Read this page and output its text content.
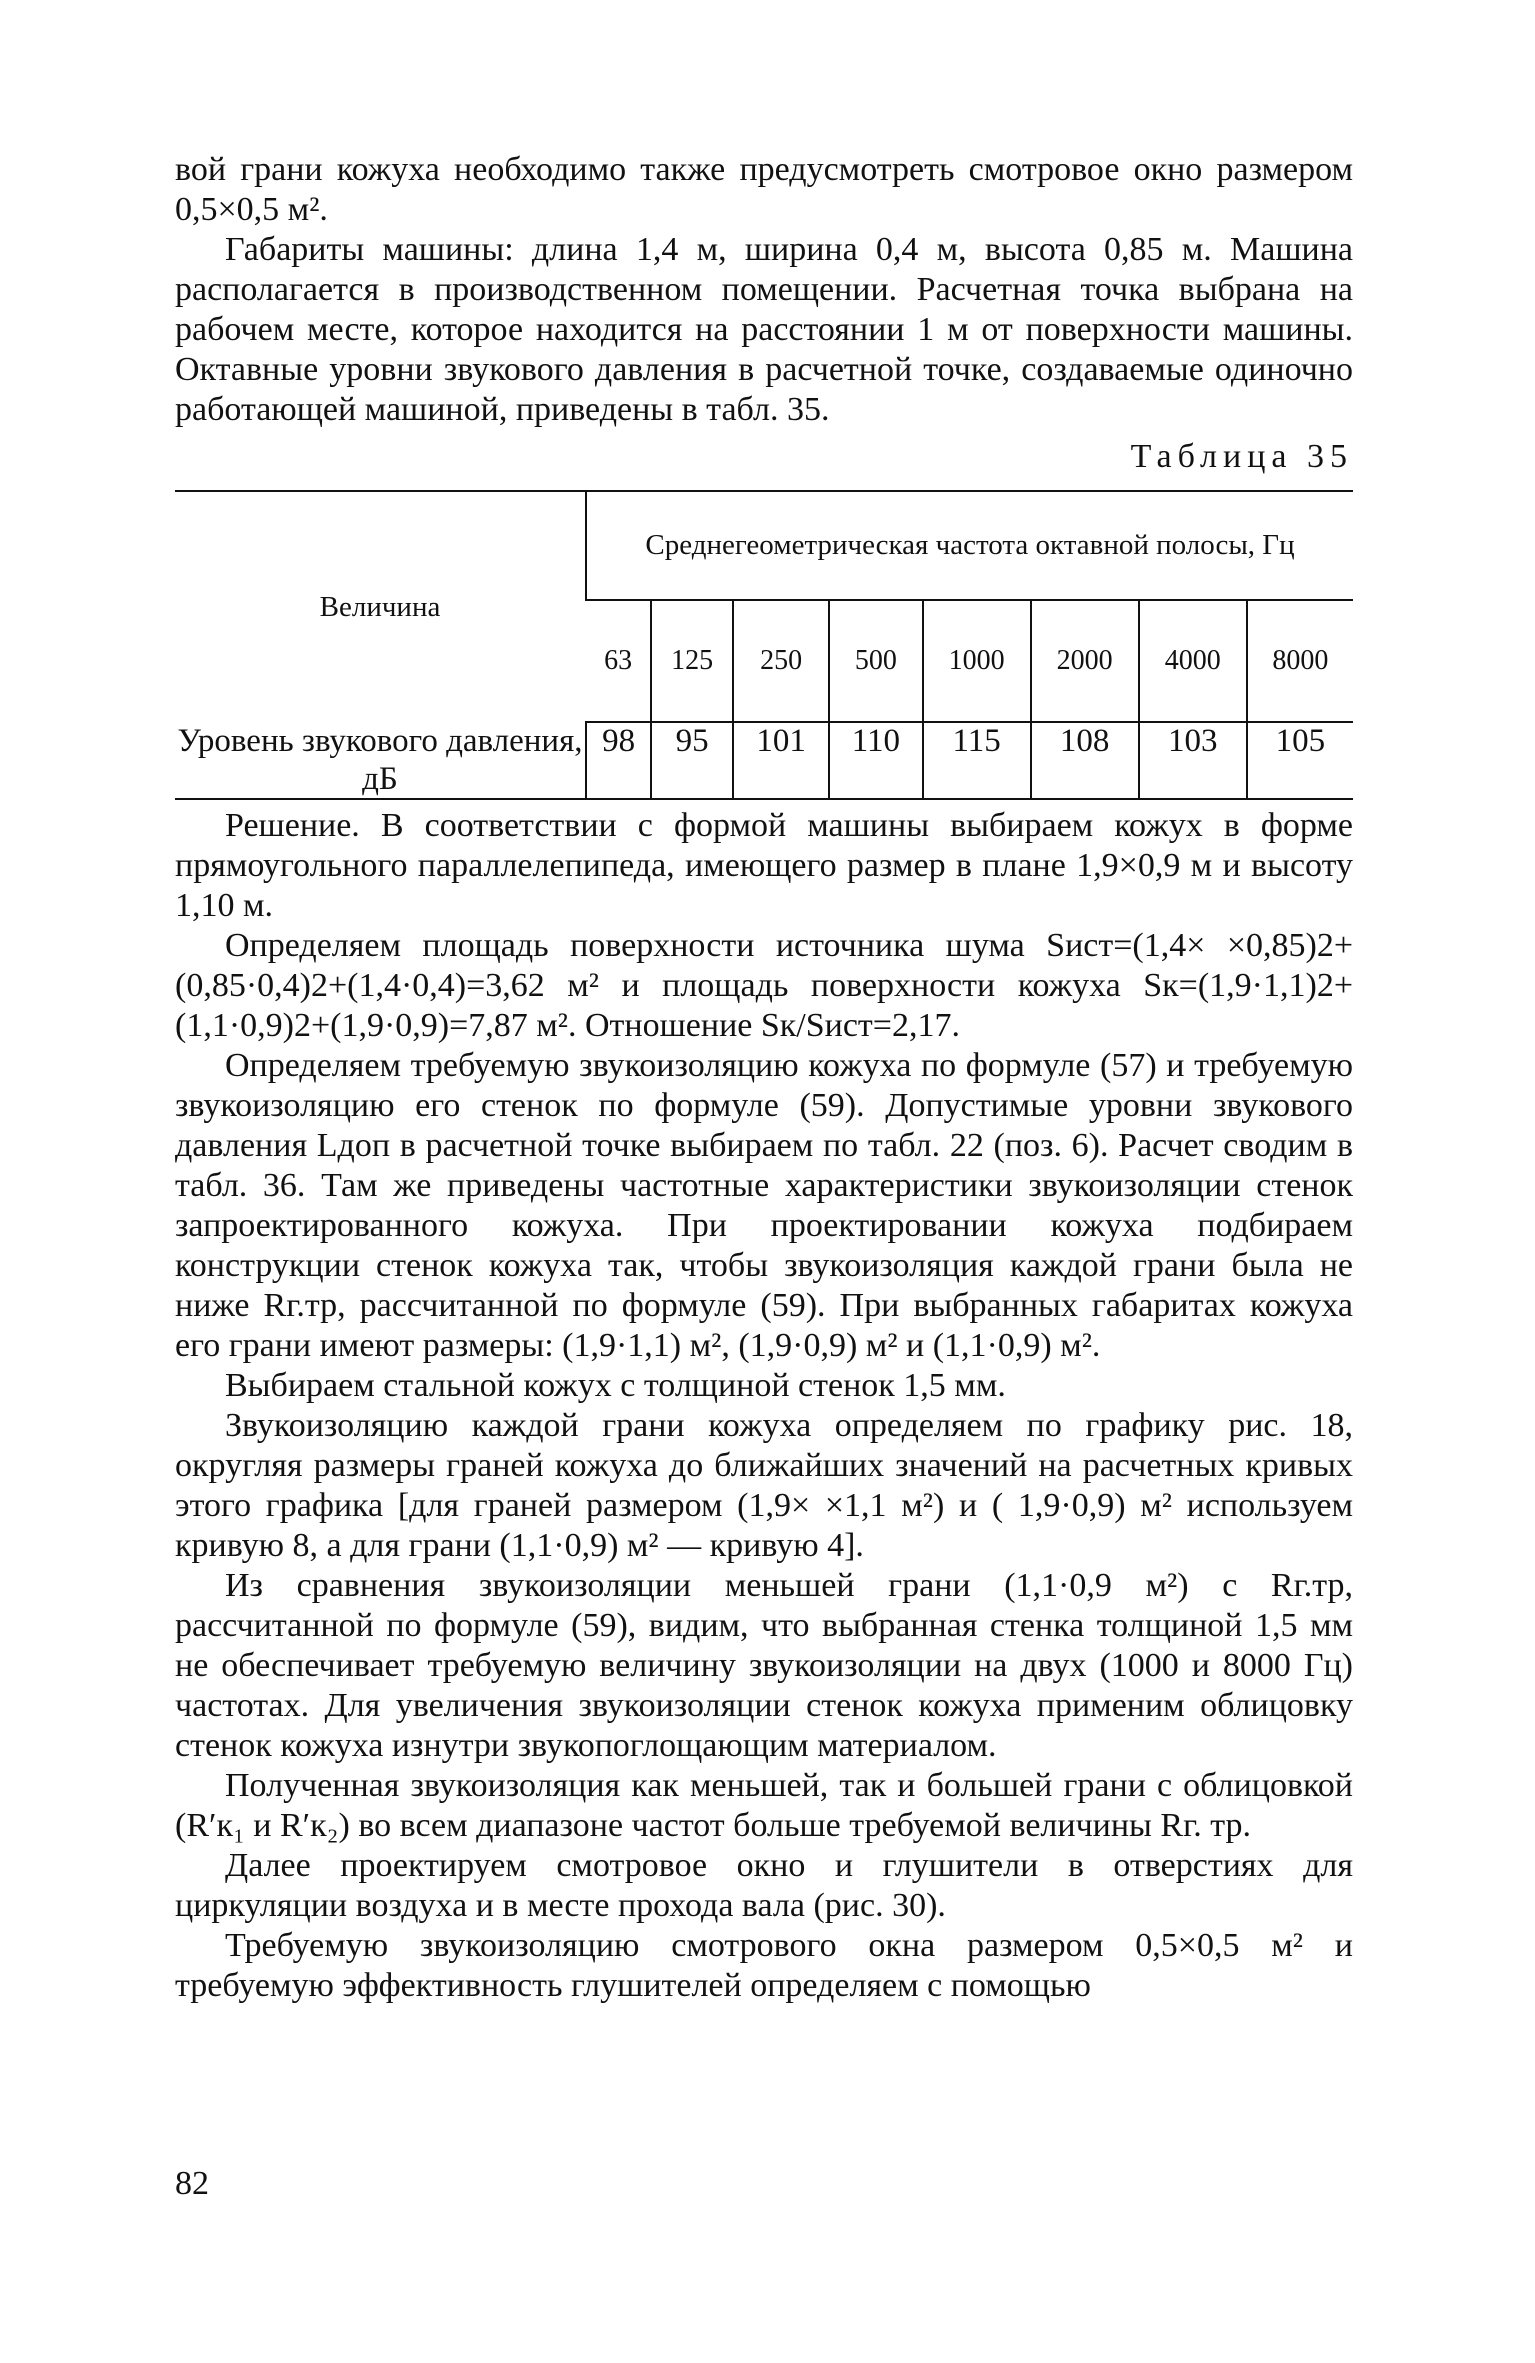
вой грани кожуха необходимо также предусмотреть смотровое окно размером 0,5×0,5 м².

Габариты машины: длина 1,4 м, ширина 0,4 м, высота 0,85 м. Машина располагается в производственном помещении. Расчетная точка выбрана на рабочем месте, которое находится на расстоянии 1 м от поверхности машины. Октавные уровни звукового давления в расчетной точке, создаваемые одиночно работающей машиной, приведены в табл. 35.

Таблица 35
Величина	Среднегеометрическая частота октавной полосы, Гц							
	63	125	250	500	1000	2000	4000	8000
Уровень звукового давления, дБ	98	95	101	110	115	108	103	105

Решение. В соответствии с формой машины выбираем кожух в форме прямоугольного параллелепипеда, имеющего размер в плане 1,9×0,9 м и высоту 1,10 м.

Определяем площадь поверхности источника шума Sист=(1,4× ×0,85)2+(0,85·0,4)2+(1,4·0,4)=3,62 м² и площадь поверхности кожуха Sк=(1,9·1,1)2+(1,1·0,9)2+(1,9·0,9)=7,87 м². Отношение Sк/Sист=2,17.

Определяем требуемую звукоизоляцию кожуха по формуле (57) и требуемую звукоизоляцию его стенок по формуле (59). Допустимые уровни звукового давления Lдоп в расчетной точке выбираем по табл. 22 (поз. 6). Расчет сводим в табл. 36. Там же приведены частотные характеристики звукоизоляции стенок запроектированного кожуха. При проектировании кожуха подбираем конструкции стенок кожуха так, чтобы звукоизоляция каждой грани была не ниже Rг.тр, рассчитанной по формуле (59). При выбранных габаритах кожуха его грани имеют размеры: (1,9·1,1) м², (1,9·0,9) м² и (1,1·0,9) м².

Выбираем стальной кожух с толщиной стенок 1,5 мм.

Звукоизоляцию каждой грани кожуха определяем по графику рис. 18, округляя размеры граней кожуха до ближайших значений на расчетных кривых этого графика [для граней размером (1,9× ×1,1 м²) и ( 1,9·0,9) м² используем кривую 8, а для грани (1,1·0,9) м² — кривую 4].

Из сравнения звукоизоляции меньшей грани (1,1·0,9 м²) с Rг.тр, рассчитанной по формуле (59), видим, что выбранная стенка толщиной 1,5 мм не обеспечивает требуемую величину звукоизоляции на двух (1000 и 8000 Гц) частотах. Для увеличения звукоизоляции стенок кожуха применим облицовку стенок кожуха изнутри звукопоглощающим материалом.

Полученная звукоизоляция как меньшей, так и большей грани с облицовкой (R′к₁ и R′к₂) во всем диапазоне частот больше требуемой величины Rг. тр.

Далее проектируем смотровое окно и глушители в отверстиях для циркуляции воздуха и в месте прохода вала (рис. 30).

Требуемую звукоизоляцию смотрового окна размером 0,5×0,5 м² и требуемую эффективность глушителей определяем с помощью

82
